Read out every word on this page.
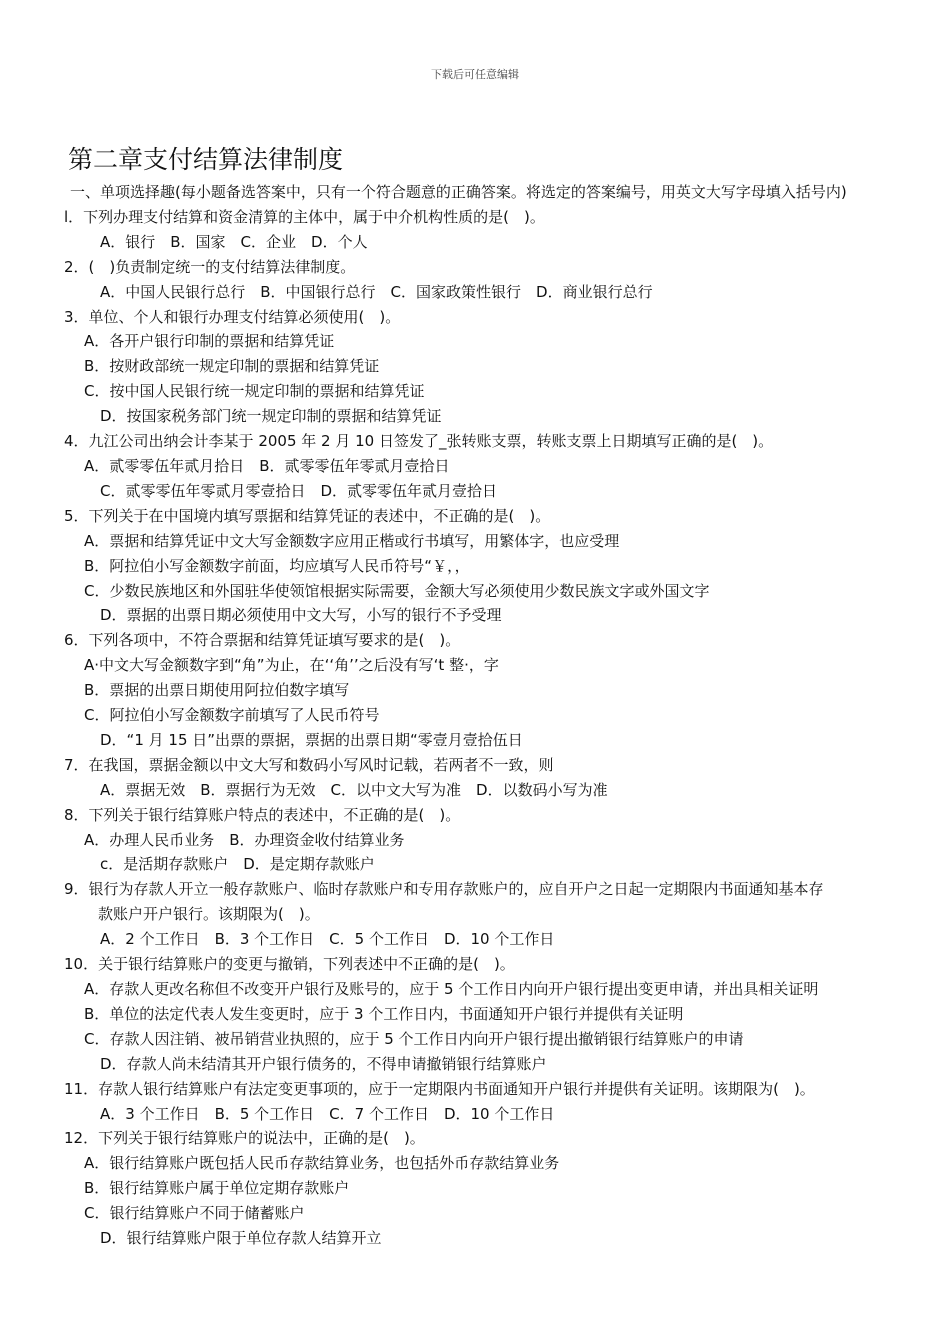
下载后可任意编辑
第二章支付结算法律制度
一、单项选择趣(每小题备选答案中，只有一个符合题意的正确答案。将选定的答案编号，用英文大写字母填入括号内)
l．下列办理支付结算和资金清算的主体中，属于中介机构性质的是(　)。
A．银行　B．国家　C．企业　D．个人
2．(　)负责制定统一的支付结算法律制度。
A．中国人民银行总行　B．中国银行总行　C．国家政策性银行　D．商业银行总行
3．单位、个人和银行办理支付结算必须使用(　)。
A．各开户银行印制的票据和结算凭证
B．按财政部统一规定印制的票据和结算凭证
C．按中国人民银行统一规定印制的票据和结算凭证
D．按国家税务部门统一规定印制的票据和结算凭证
4．九江公司出纳会计李某于 2005 年 2 月 10 日签发了_张转账支票，转账支票上日期填写正确的是(　)。
A．贰零零伍年贰月拾日　B．贰零零伍年零贰月壹拾日
C．贰零零伍年零贰月零壹拾日　D．贰零零伍年贰月壹拾日
5．下列关于在中国境内填写票据和结算凭证的表述中，不正确的是(　)。
A．票据和结算凭证中文大写金额数字应用正楷或行书填写，用繁体字，也应受理
B．阿拉伯小写金额数字前面，均应填写人民币符号“￥，，
C．少数民族地区和外国驻华使领馆根据实际需要，金额大写必须使用少数民族文字或外国文字
D．票据的出票日期必须使用中文大写，小写的银行不予受理
6．下列各项中，不符合票据和结算凭证填写要求的是(　)。
A·中文大写金额数字到“角”为止，在‘‘角’’之后没有写‘t 整·，字
B．票据的出票日期使用阿拉伯数字填写
C．阿拉伯小写金额数字前填写了人民币符号
D．“1 月 15 日”出票的票据，票据的出票日期“零壹月壹拾伍日
7．在我国，票据金额以中文大写和数码小写风时记载，若两者不一致，则
A．票据无效　B．票据行为无效　C．以中文大写为准　D．以数码小写为准
8．下列关于银行结算账户特点的表述中，不正确的是(　)。
A．办理人民币业务　B．办理资金收付结算业务
c．是活期存款账户　D．是定期存款账户
9．银行为存款人开立一般存款账户、临时存款账户和专用存款账户的，应自开户之日起一定期限内书面通知基本存
款账户开户银行。该期限为(　)。
A．2 个工作日　B．3 个工作日　C．5 个工作日　D．10 个工作日
10．关于银行结算账户的变更与撤销，下列表述中不正确的是(　)。
A．存款人更改名称但不改变开户银行及账号的，应于 5 个工作日内向开户银行提出变更申请，并出具相关证明
B．单位的法定代表人发生变更时，应于 3 个工作日内，书面通知开户银行并提供有关证明
C．存款人因注销、被吊销营业执照的，应于 5 个工作日内向开户银行提出撤销银行结算账户的申请
D．存款人尚未结清其开户银行债务的，不得申请撤销银行结算账户
11．存款人银行结算账户有法定变更事项的，应于一定期限内书面通知开户银行并提供有关证明。该期限为(　)。
A．3 个工作日　B．5 个工作日　C．7 个工作日　D．10 个工作日
12．下列关于银行结算账户的说法中，正确的是(　)。
A．银行结算账户既包括人民币存款结算业务，也包括外币存款结算业务
B．银行结算账户属于单位定期存款账户
C．银行结算账户不同于储蓄账户
D．银行结算账户限于单位存款人结算开立
